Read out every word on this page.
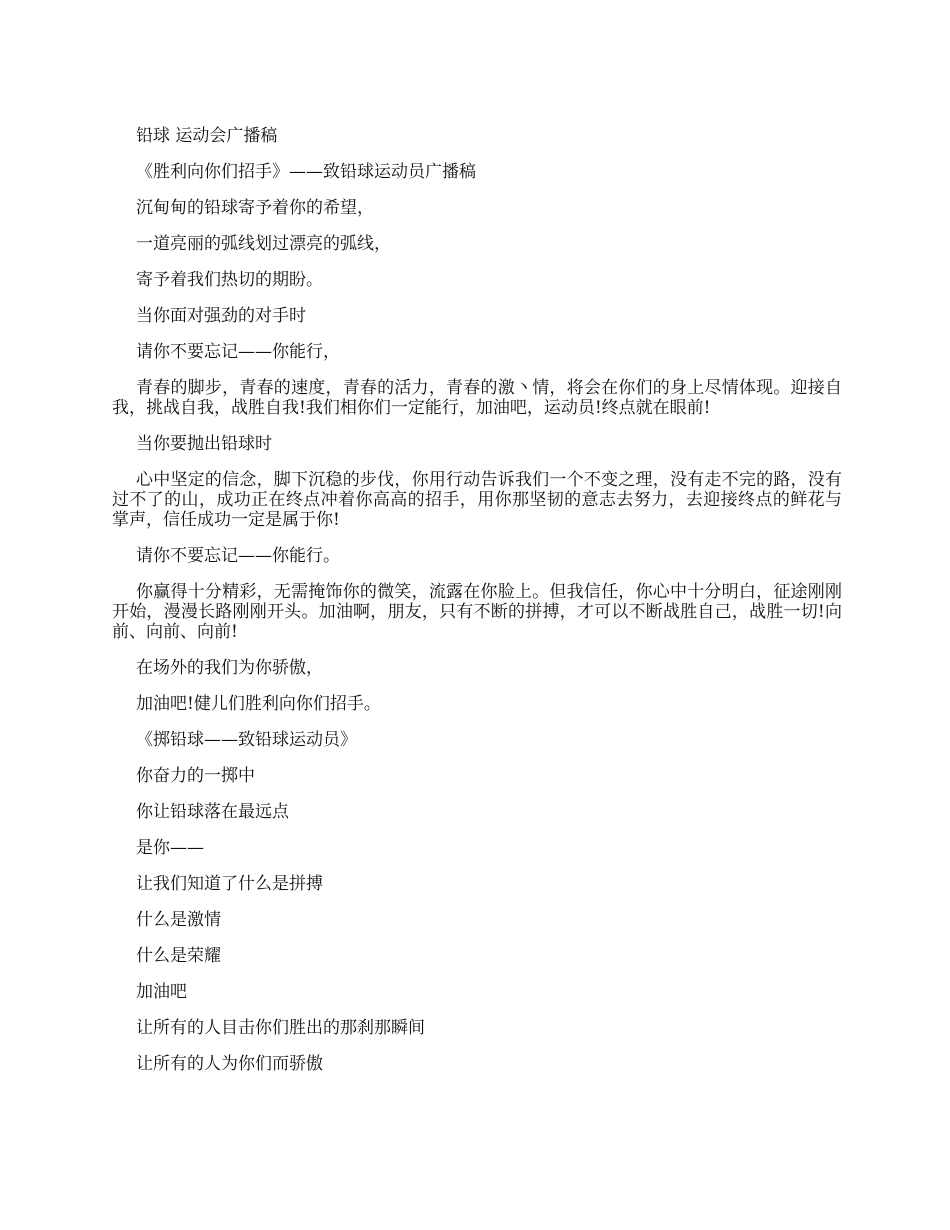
铅球 运动会广播稿

《胜利向你们招手》——致铅球运动员广播稿

沉甸甸的铅球寄予着你的希望，

一道亮丽的弧线划过漂亮的弧线，

寄予着我们热切的期盼。

当你面对强劲的对手时

请你不要忘记——你能行，

青春的脚步，青春的速度，青春的活力，青春的激丶情，将会在你们的身上尽情体现。迎接自我，挑战自我，战胜自我!我们相你们一定能行，加油吧，运动员!终点就在眼前!

当你要抛出铅球时

心中坚定的信念，脚下沉稳的步伐，你用行动告诉我们一个不变之理，没有走不完的路，没有过不了的山，成功正在终点冲着你高高的招手，用你那坚韧的意志去努力，去迎接终点的鲜花与掌声，信任成功一定是属于你!

请你不要忘记——你能行。

你赢得十分精彩，无需掩饰你的微笑，流露在你脸上。但我信任，你心中十分明白，征途刚刚开始，漫漫长路刚刚开头。加油啊，朋友，只有不断的拼搏，才可以不断战胜自己，战胜一切!向前、向前、向前!

在场外的我们为你骄傲，

加油吧!健儿们胜利向你们招手。

《掷铅球——致铅球运动员》

你奋力的一掷中

你让铅球落在最远点

是你——

让我们知道了什么是拼搏

什么是激情

什么是荣耀

加油吧

让所有的人目击你们胜出的那刹那瞬间

让所有的人为你们而骄傲
